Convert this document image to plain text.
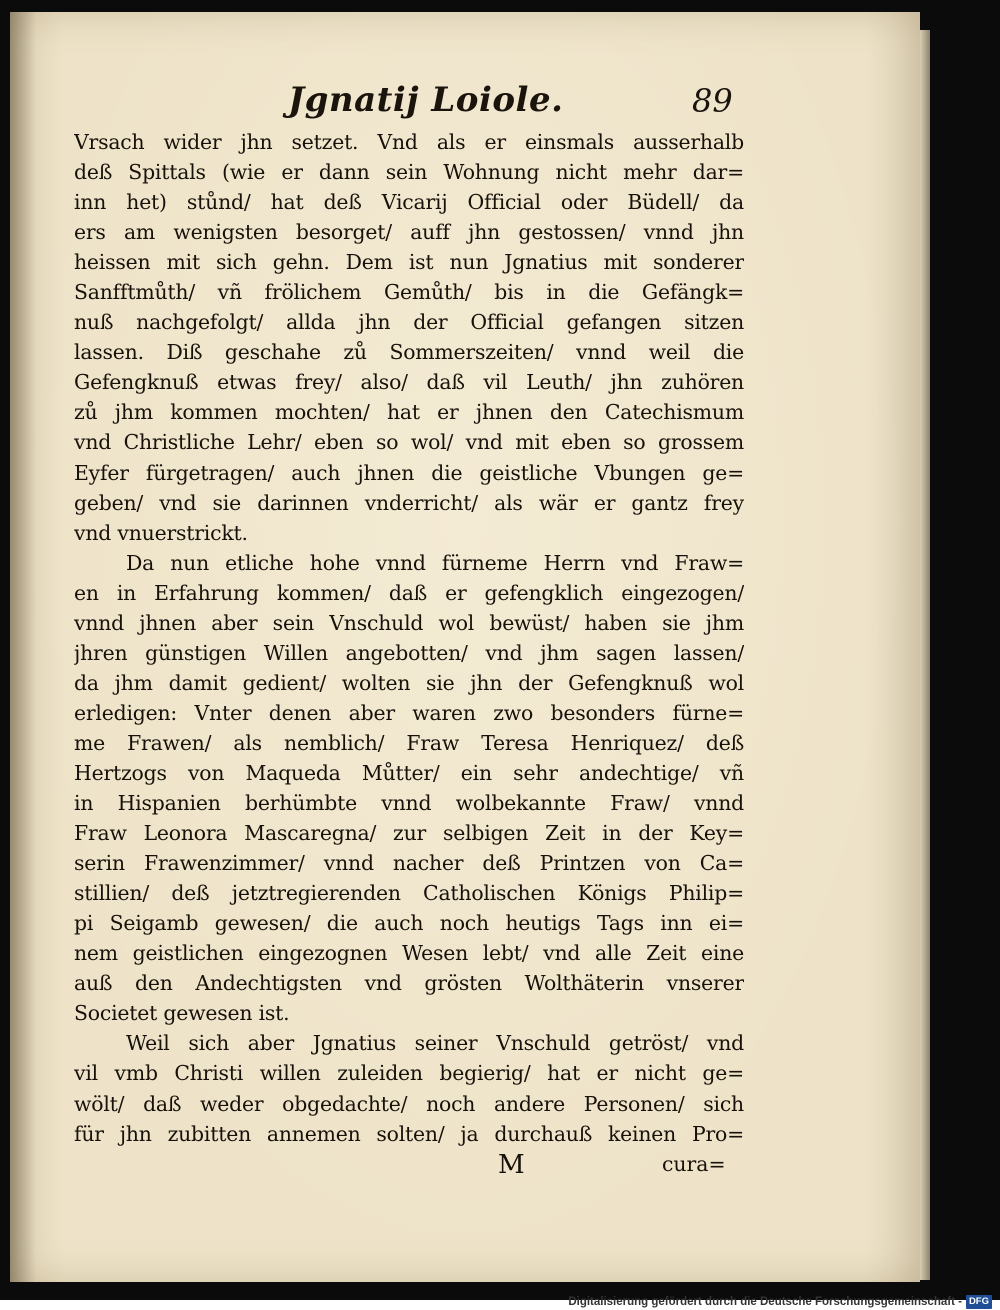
Jgnatij Loiole.	89
Vrsach wider jhn setzet. Vnd als er einsmals ausserhalb
deß Spittals (wie er dann sein Wohnung nicht mehr dar=
inn het) stůnd/ hat deß Vicarij Official oder Büdell/ da
ers am wenigsten besorget/ auff jhn gestossen/ vnnd jhn
heissen mit sich gehn. Dem ist nun Jgnatius mit sonderer
Sanfftmůth/ vñ frölichem Gemůth/ bis in die Gefängk=
nuß nachgefolgt/ allda jhn der Official gefangen sitzen
lassen. Diß geschahe zů Sommerszeiten/ vnnd weil die
Gefengknuß etwas frey/ also/ daß vil Leuth/ jhn zuhören
zů jhm kommen mochten/ hat er jhnen den Catechismum
vnd Christliche Lehr/ eben so wol/ vnd mit eben so grossem
Eyfer fürgetragen/ auch jhnen die geistliche Vbungen ge=
geben/ vnd sie darinnen vnderricht/ als wär er gantz frey
vnd vnuerstrickt.
Da nun etliche hohe vnnd fürneme Herrn vnd Fraw=
en in Erfahrung kommen/ daß er gefengklich eingezogen/
vnnd jhnen aber sein Vnschuld wol bewüst/ haben sie jhm
jhren günstigen Willen angebotten/ vnd jhm sagen lassen/
da jhm damit gedient/ wolten sie jhn der Gefengknuß wol
erledigen: Vnter denen aber waren zwo besonders fürne=
me Frawen/ als nemblich/ Fraw Teresa Henriquez/ deß
Hertzogs von Maqueda Můtter/ ein sehr andechtige/ vñ
in Hispanien berhümbte vnnd wolbekannte Fraw/ vnnd
Fraw Leonora Mascaregna/ zur selbigen Zeit in der Key=
serin Frawenzimmer/ vnnd nacher deß Printzen von Ca=
stillien/ deß jetztregierenden Catholischen Königs Philip=
pi Seigamb gewesen/ die auch noch heutigs Tags inn ei=
nem geistlichen eingezognen Wesen lebt/ vnd alle Zeit eine
auß den Andechtigsten vnd grösten Wolthäterin vnserer
Societet gewesen ist.
Weil sich aber Jgnatius seiner Vnschuld getröst/ vnd
vil vmb Christi willen zuleiden begierig/ hat er nicht ge=
wölt/ daß weder obgedachte/ noch andere Personen/ sich
für jhn zubitten annemen solten/ ja durchauß keinen Pro=
M	cura=
Digitalisierung gefördert durch die Deutsche Forschungsgemeinschaft - DFG
